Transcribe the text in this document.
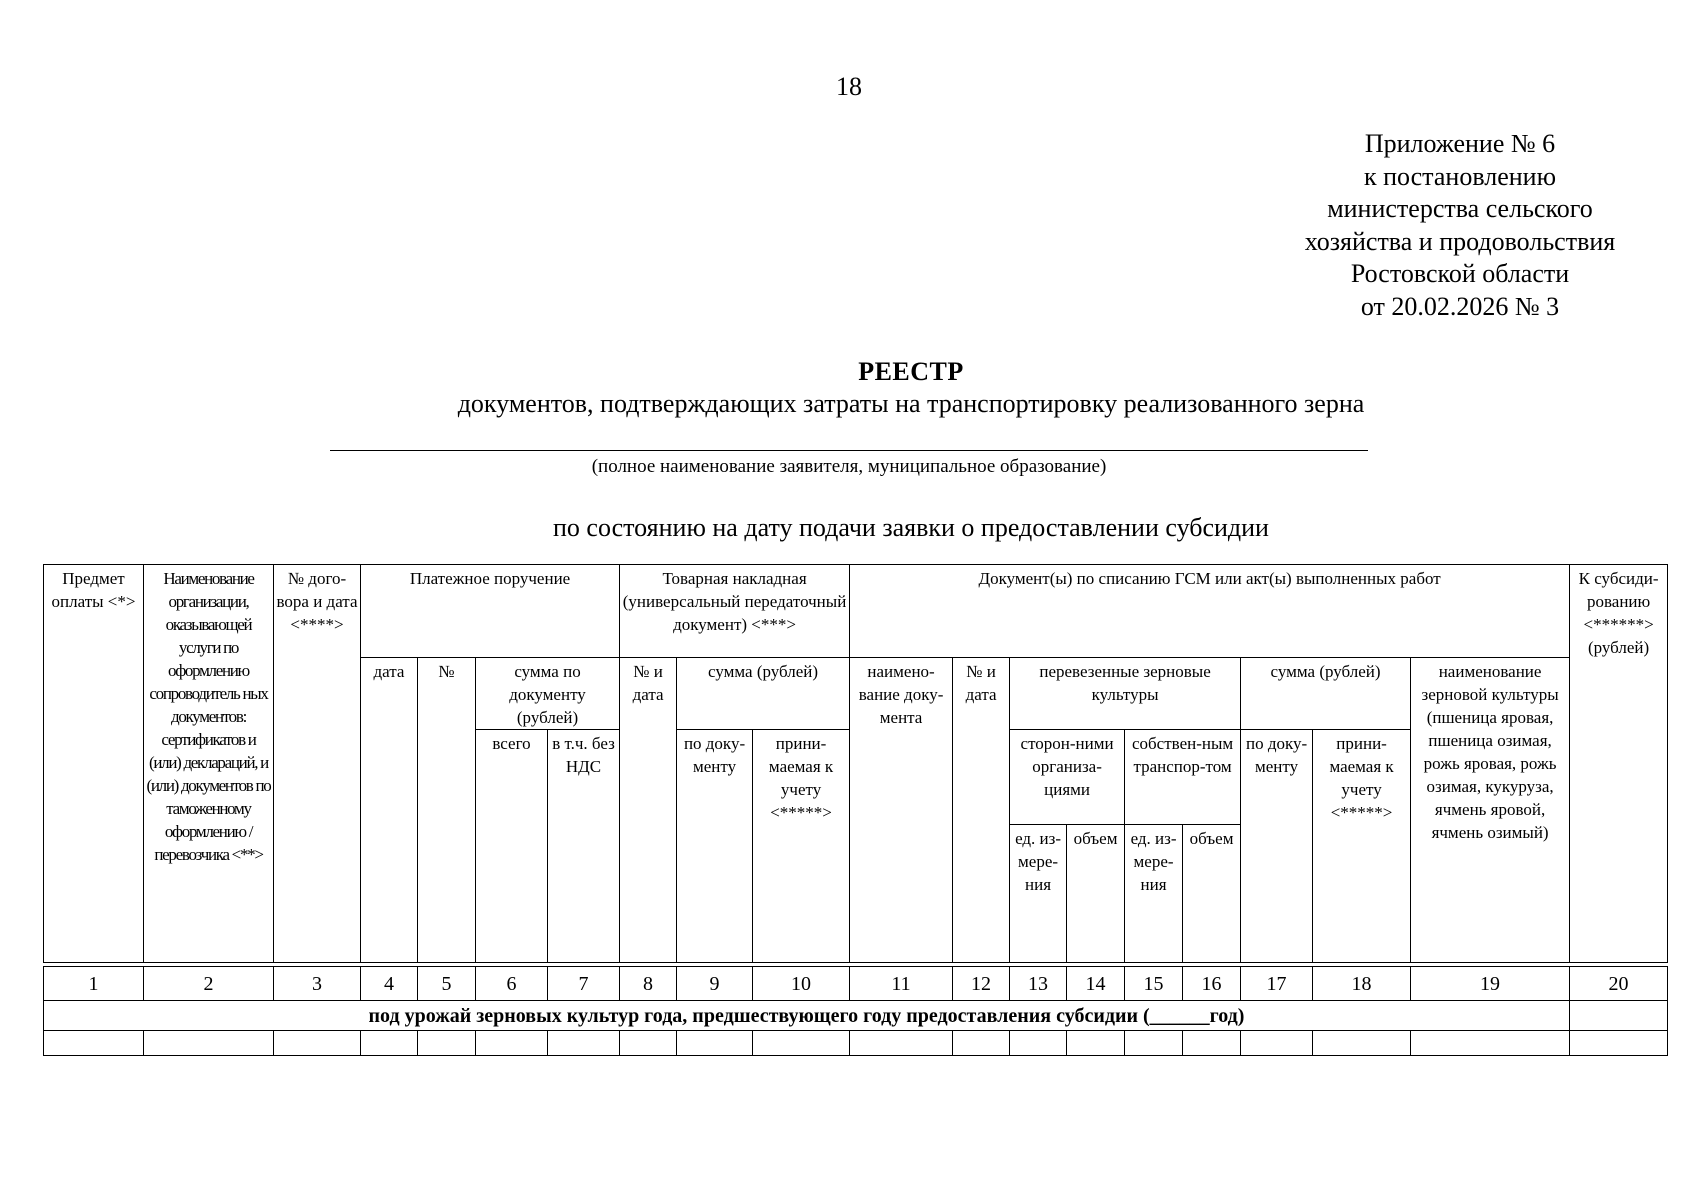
18
Приложение № 6
к постановлению
министерства сельского
хозяйства и продовольствия
Ростовской области
от 20.02.2026 № 3
РЕЕСТР
документов, подтверждающих затраты на транспортировку реализованного зерна
(полное наименование заявителя, муниципальное образование)
по состоянию на дату подачи заявки о предоставлении субсидии
Предмет оплаты <*>	Наименование организации, оказывающей услуги по оформлению сопроводитель ных документов: сертификатов и (или) деклараций, и (или) документов по таможенному оформлению / перевозчика <**>	№ дого-вора и дата <****>	Платежное поручение				Товарная накладная (универсальный передаточный документ) <***>			Документ(ы) по списанию ГСМ или акт(ы) выполненных работ									К субсиди-рованию <******> (рублей)
			дата	№	сумма по документу (рублей)		№ и дата	сумма (рублей)		наимено-вание доку-мента	№ и дата	перевезенные зерновые культуры				сумма (рублей)		наименование зерновой культуры (пшеница яровая, пшеница озимая, рожь яровая, рожь озимая, кукуруза, ячмень яровой, ячмень озимый)	
					всего	в т.ч. без НДС		по доку-менту	прини-маемая к учету <*****>			сторон-ними организа-циями		собствен-ным транспор-том		по доку-менту	прини-маемая к учету <*****>		

												ед. из-мере-ния	объем	ед. из-мере-ния	объем				
1	2	3	4	5	6	7	8	9	10	11	12	13	14	15	16	17	18	19	20
под урожай зерновых культур года, предшествующего году предоставления субсидии (______год)																			
